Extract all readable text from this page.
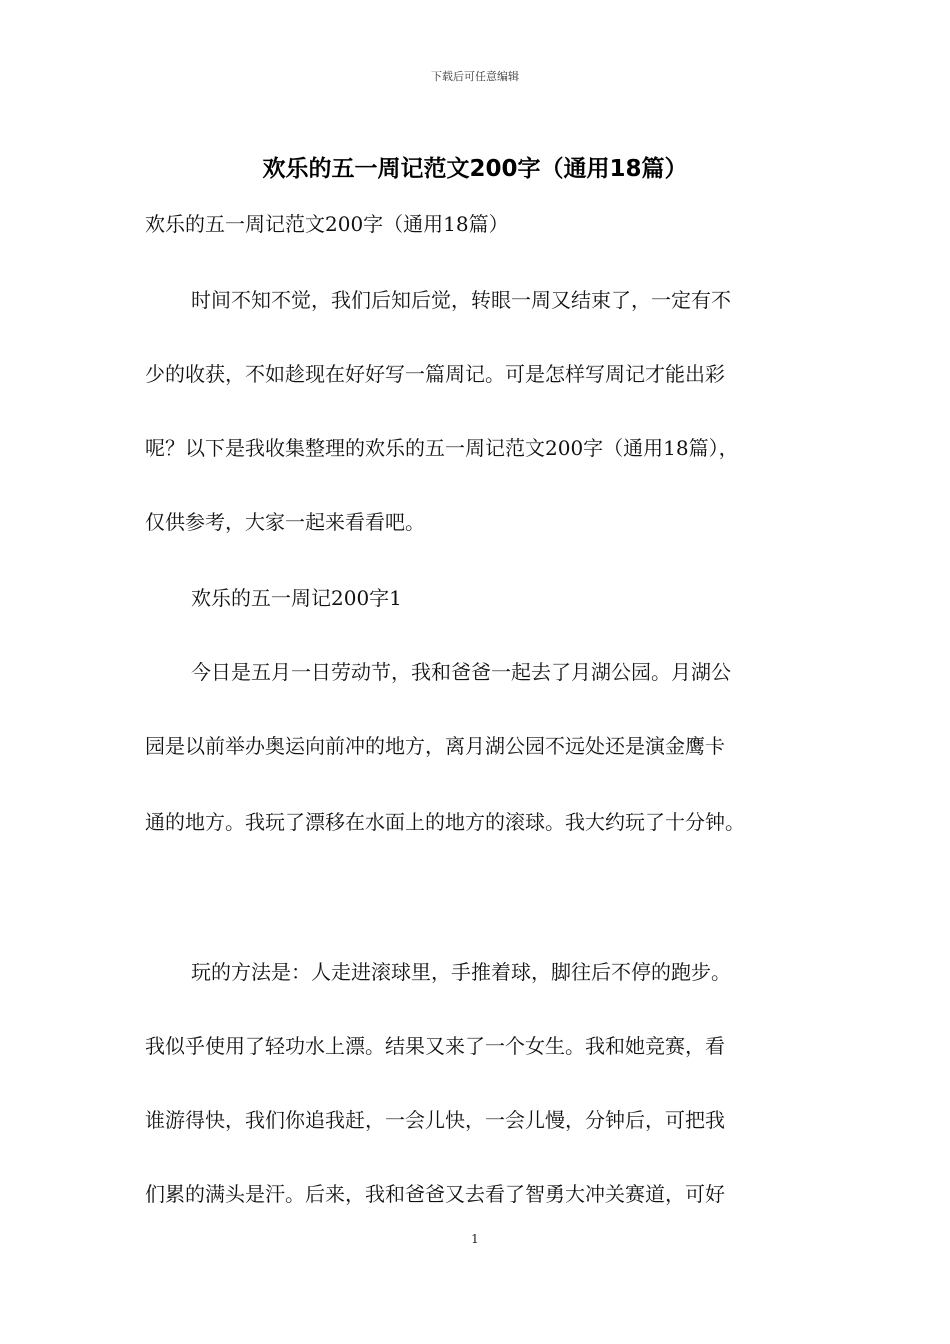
下载后可任意编辑
欢乐的五一周记范文200字（通用18篇）

欢乐的五一周记范文200字（通用18篇）

时间不知不觉，我们后知后觉，转眼一周又结束了，一定有不

少的收获，不如趁现在好好写一篇周记。可是怎样写周记才能出彩

呢？以下是我收集整理的欢乐的五一周记范文200字（通用18篇），

仅供参考，大家一起来看看吧。

欢乐的五一周记200字1

今日是五月一日劳动节，我和爸爸一起去了月湖公园。月湖公

园是以前举办奥运向前冲的地方，离月湖公园不远处还是演金鹰卡

通的地方。我玩了漂移在水面上的地方的滚球。我大约玩了十分钟。

玩的方法是：人走进滚球里，手推着球，脚往后不停的跑步。

我似乎使用了轻功水上漂。结果又来了一个女生。我和她竞赛，看

谁游得快，我们你追我赶，一会儿快，一会儿慢，分钟后，可把我

们累的满头是汗。后来，我和爸爸又去看了智勇大冲关赛道，可好

1
